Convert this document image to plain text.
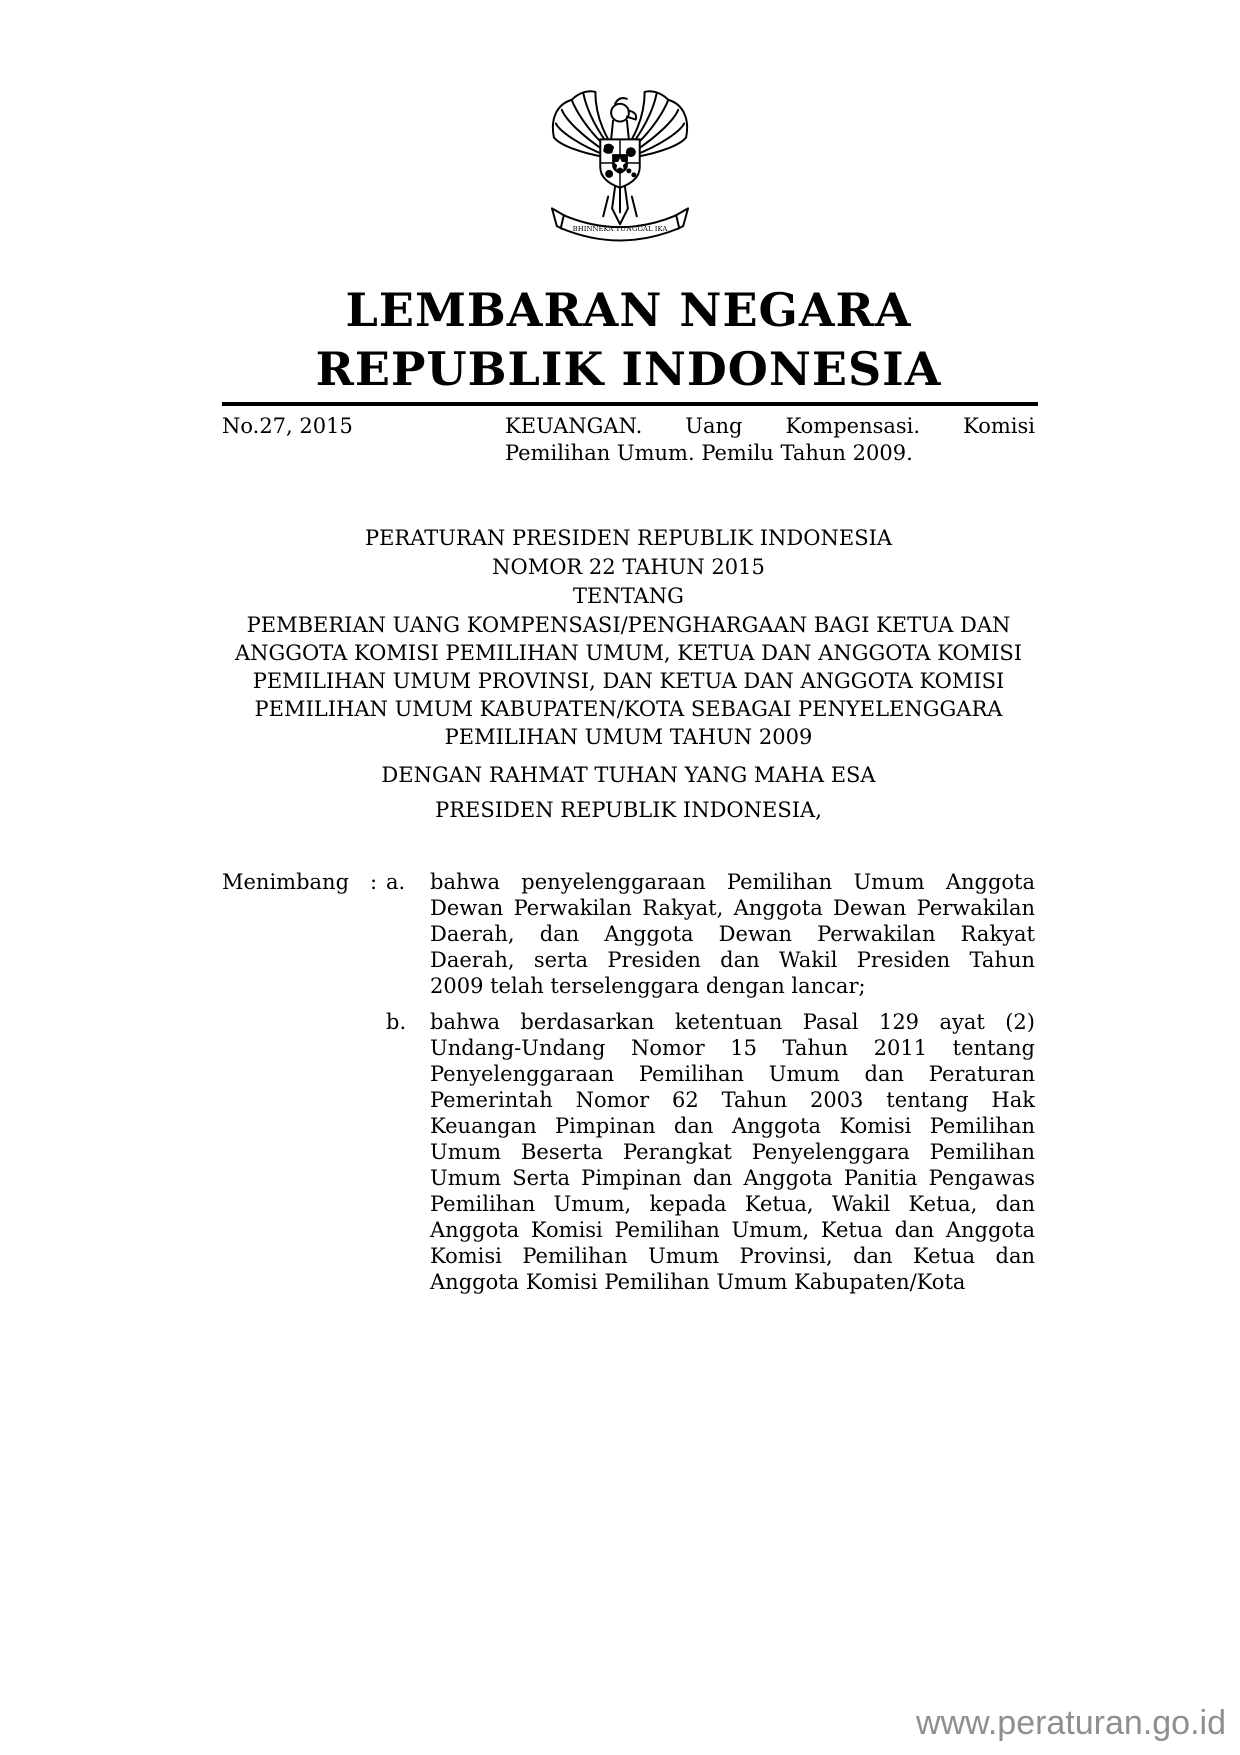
BHINNEKA TUNGGAL IKA
LEMBARAN NEGARA
REPUBLIK INDONESIA
No.27, 2015	KEUANGAN. Uang Kompensasi. Komisi
Pemilihan Umum. Pemilu Tahun 2009.
PERATURAN PRESIDEN REPUBLIK INDONESIA
NOMOR 22 TAHUN 2015
TENTANG
PEMBERIAN UANG KOMPENSASI/PENGHARGAAN BAGI KETUA DAN
ANGGOTA KOMISI PEMILIHAN UMUM, KETUA DAN ANGGOTA KOMISI
PEMILIHAN UMUM PROVINSI, DAN KETUA DAN ANGGOTA KOMISI
PEMILIHAN UMUM KABUPATEN/KOTA SEBAGAI PENYELENGGARA
PEMILIHAN UMUM TAHUN 2009
DENGAN RAHMAT TUHAN YANG MAHA ESA
PRESIDEN REPUBLIK INDONESIA,
Menimbang : a. bahwa penyelenggaraan Pemilihan Umum Anggota
Dewan Perwakilan Rakyat, Anggota Dewan Perwakilan
Daerah, dan Anggota Dewan Perwakilan Rakyat
Daerah, serta Presiden dan Wakil Presiden Tahun
2009 telah terselenggara dengan lancar;
b. bahwa berdasarkan ketentuan Pasal 129 ayat (2)
Undang-Undang Nomor 15 Tahun 2011 tentang
Penyelenggaraan Pemilihan Umum dan Peraturan
Pemerintah Nomor 62 Tahun 2003 tentang Hak
Keuangan Pimpinan dan Anggota Komisi Pemilihan
Umum Beserta Perangkat Penyelenggara Pemilihan
Umum Serta Pimpinan dan Anggota Panitia Pengawas
Pemilihan Umum, kepada Ketua, Wakil Ketua, dan
Anggota Komisi Pemilihan Umum, Ketua dan Anggota
Komisi Pemilihan Umum Provinsi, dan Ketua dan
Anggota Komisi Pemilihan Umum Kabupaten/Kota
www.peraturan.go.id
